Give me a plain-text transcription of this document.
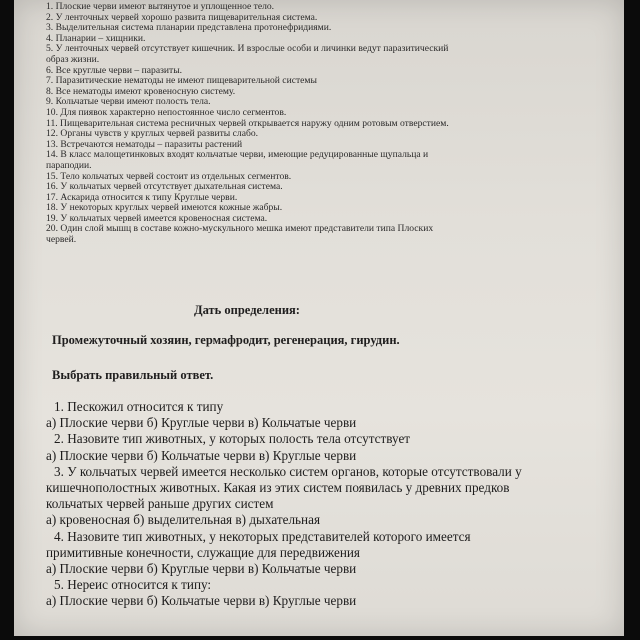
1. Плоские черви имеют вытянутое и уплощенное тело.

2. У ленточных червей хорошо развита пищеварительная система.

3. Выделительная система планарии представлена протонефридиями.

4. Планарии – хищники.

5. У ленточных червей отсутствует кишечник. И взрослые особи и личинки ведут паразитический

образ жизни.

6. Все круглые черви – паразиты.

7. Паразитические нематоды не имеют пищеварительной системы

8. Все нематоды имеют кровеносную систему.

9. Кольчатые черви имеют полость тела.

10. Для пиявок характерно непостоянное число сегментов.

11. Пищеварительная система ресничных червей открывается наружу одним ротовым отверстием.

12. Органы чувств у круглых червей развиты слабо.

13. Встречаются нематоды – паразиты растений

14. В класс малощетинковых входят кольчатые черви, имеющие редуцированные щупальца и

параподии.

15. Тело кольчатых червей состоит из отдельных сегментов.

16. У кольчатых червей отсутствует дыхательная система.

17. Аскарида относится к типу Круглые черви.

18. У некоторых круглых червей имеются кожные жабры.

19. У кольчатых червей имеется кровеносная система.

20. Один слой мышц в составе кожно-мускульного мешка имеют представители типа Плоских

червей.

Дать определения:
Промежуточный хозяин, гермафродит, регенерация, гирудин.
Выбрать правильный ответ.

1. Пескожил относится к типу

а) Плоские черви б) Круглые черви в) Кольчатые черви

2. Назовите тип животных, у которых полость тела отсутствует

а) Плоские черви б) Кольчатые черви в) Круглые черви

3. У кольчатых червей имеется несколько систем органов, которые отсутствовали у

кишечнополостных животных. Какая из этих систем появилась у древних предков

кольчатых червей раньше других систем

а) кровеносная б) выделительная в) дыхательная

4. Назовите тип животных, у некоторых представителей которого имеется

примитивные конечности, служащие для передвижения

а) Плоские черви б) Круглые черви в) Кольчатые черви

5. Нереис относится к типу:

а) Плоские черви б) Кольчатые черви в) Круглые черви
